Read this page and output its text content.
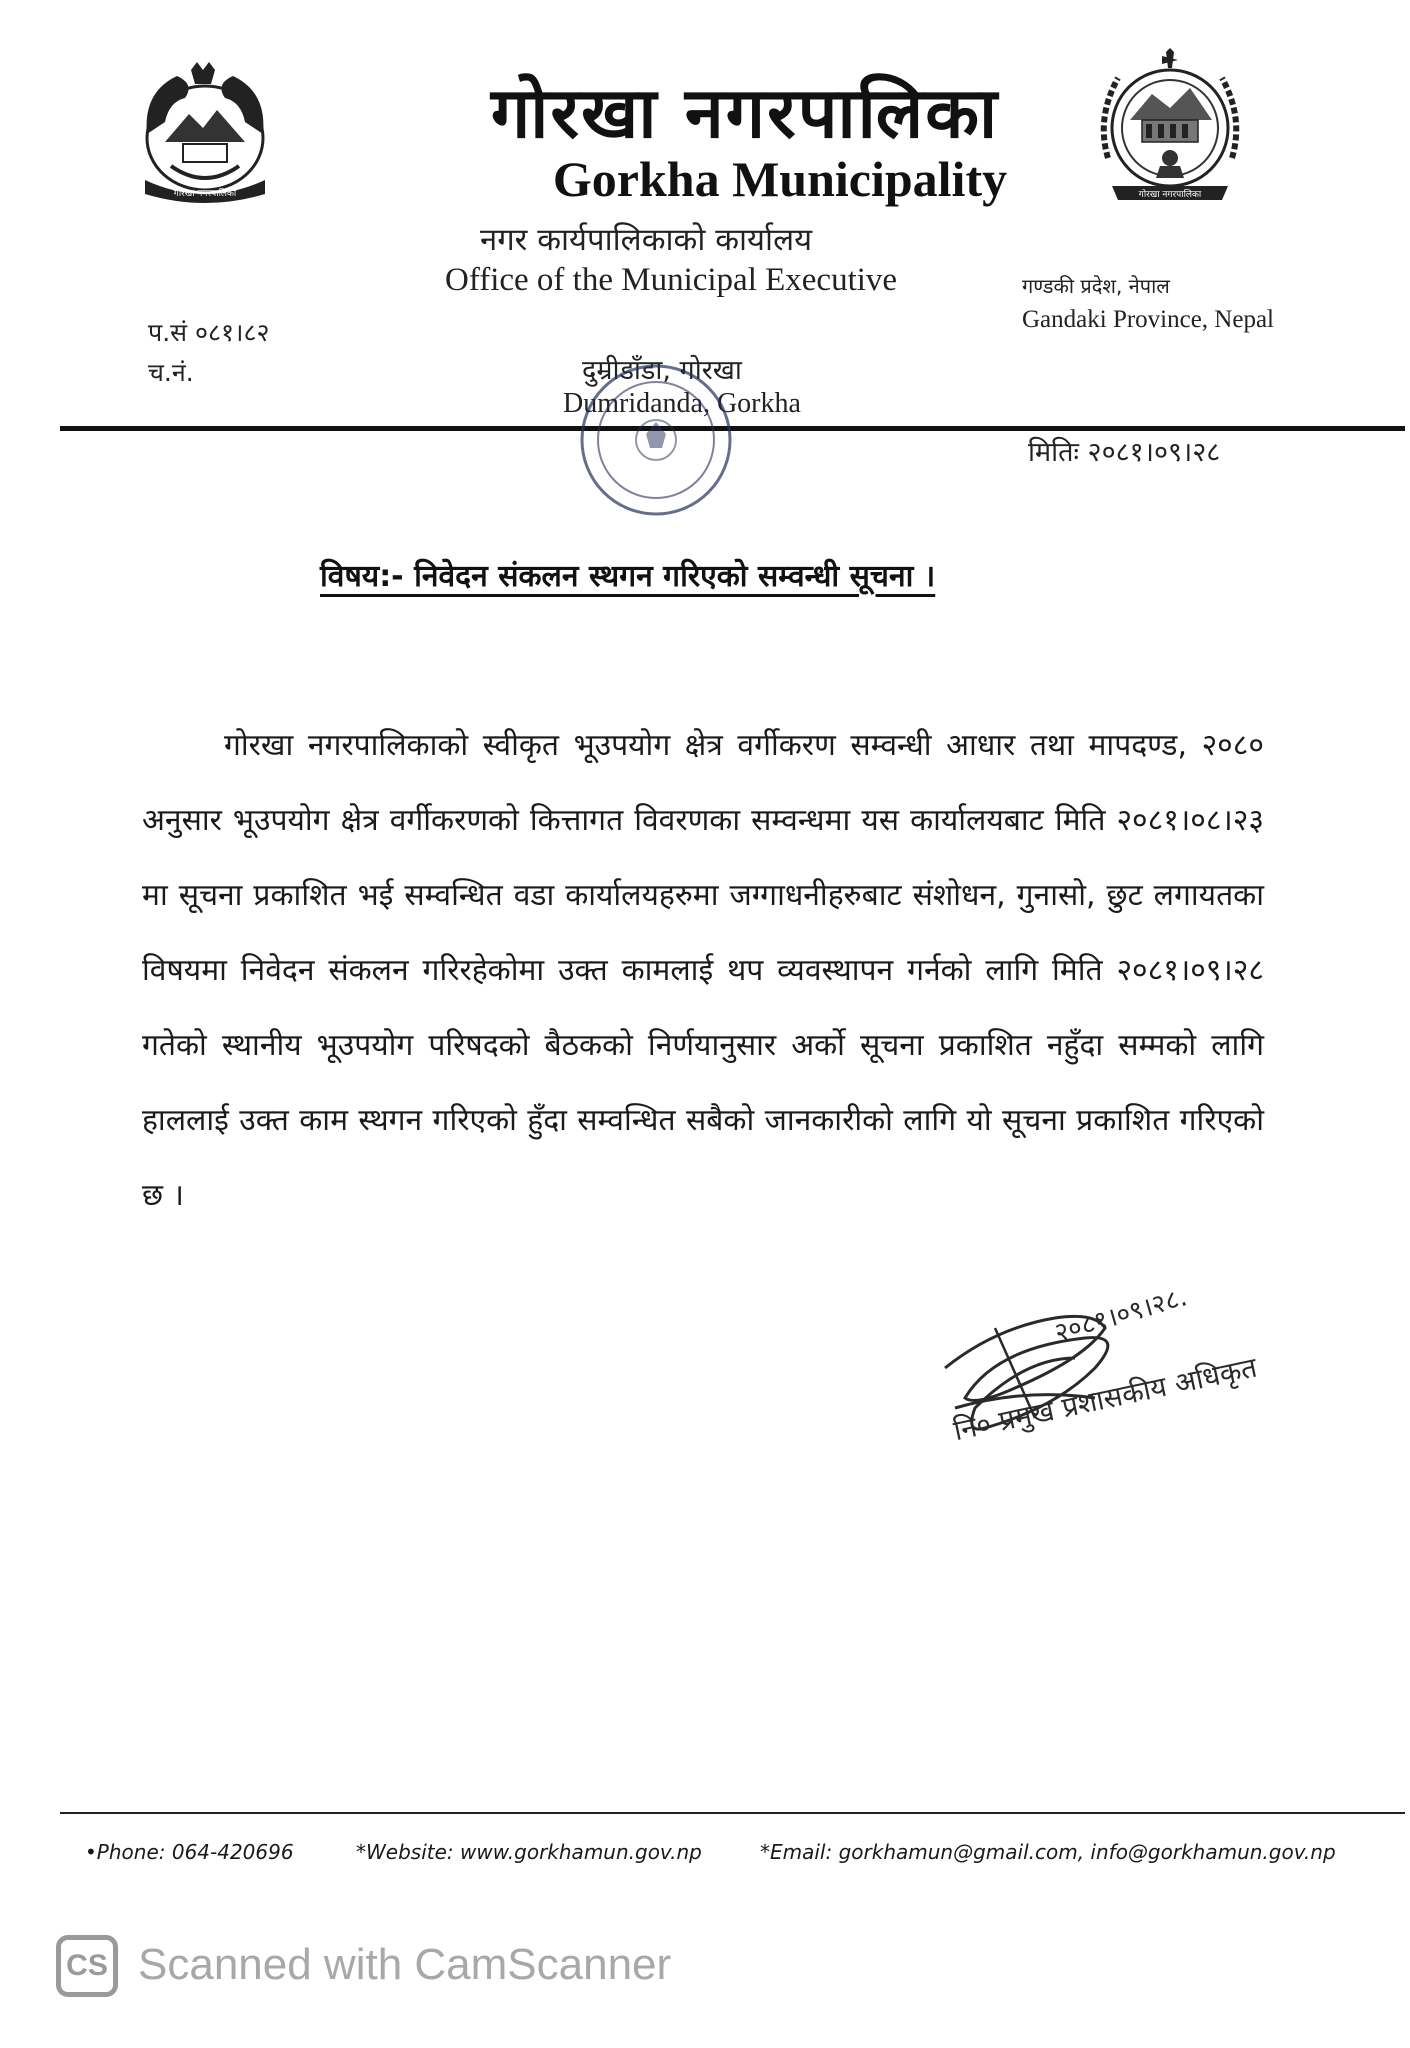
गोरखा नगरपालिका	गोरखा नगरपालिका
गोरखा नगरपालिका
Gorkha Municipality
नगर कार्यपालिकाको कार्यालय
Office of the Municipal Executive	गण्डकी प्रदेश, नेपाल
Gandaki Province, Nepal
प.सं ०८१।८२
च.नं.	दुम्रीडाँडा, गोरखा
Dumridanda, Gorkha
मितिः २०८१।०९।२८
विषय:- निवेदन संकलन स्थगन गरिएको सम्वन्धी सूचना ।

गोरखा नगरपालिकाको स्वीकृत भूउपयोग क्षेत्र वर्गीकरण सम्वन्धी आधार तथा मापदण्ड, २०८० अनुसार भूउपयोग क्षेत्र वर्गीकरणको कित्तागत विवरणका सम्वन्धमा यस कार्यालयबाट मिति २०८१।०८।२३ मा सूचना प्रकाशित भई सम्वन्धित वडा कार्यालयहरुमा जग्गाधनीहरुबाट संशोधन, गुनासो, छुट लगायतका विषयमा निवेदन संकलन गरिरहेकोमा उक्त कामलाई थप व्यवस्थापन गर्नको लागि मिति २०८१।०९।२८ गतेको स्थानीय भूउपयोग परिषदको बैठकको निर्णयानुसार अर्को सूचना प्रकाशित नहुँदा सम्मको लागि हाललाई उक्त काम स्थगन गरिएको हुँदा सम्वन्धित सबैको जानकारीको लागि यो सूचना प्रकाशित गरिएको छ ।

२०८१।०९।२८.
नि० प्रमुख प्रशासकीय अधिकृत
•Phone: 064-420696	*Website: www.gorkhamun.gov.np	*Email: gorkhamun@gmail.com, info@gorkhamun.gov.np
CS Scanned with CamScanner
